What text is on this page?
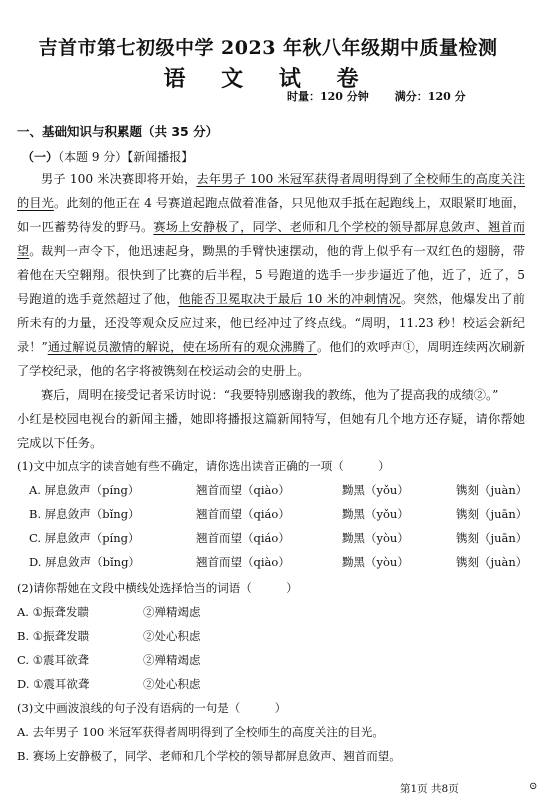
吉首市第七初级中学 2023 年秋八年级期中质量检测
语 文 试 卷
时量：120 分钟 满分：120 分
一、基础知识与积累题（共 35 分）
（一）（本题 9 分）【新闻播报】
男子 100 米决赛即将开始，去年男子 100 米冠军获得者周明得到了全校师生的高度关注的目光。此刻的他正在 4 号赛道起跑点做着准备，只见他双手抵在起跑线上，双眼紧盯地面，如一匹蓄势待发的野马。赛场上安静极了，同学、老师和几个学校的领导都屏息敛声、翘首而望。 裁判一声令下，他迅速起身，黝黑的手臂快速摆动，他的背上似乎有一双红色的翅膀，带着他在天空翱翔。很快到了比赛的后半程，5 号跑道的选手一步步逼近了他，近了，近了，5 号跑道的选手竟然超过了他，他能否卫冕取决于最后 10 米的冲刺情况。突然，他爆发出了前所未有的力量，还没等观众反应过来，他已经冲过了终点线。“周明，11.23 秒！校运会新纪录！”通过解说员激情的解说，使在场所有的观众沸腾了。他们的欢呼声①，周明连续两次刷新了学校纪录，他的名字将被镌刻在校运动会的史册上。
赛后，周明在接受记者采访时说：“我要特别感谢我的教练，他为了提高我的成绩②。”
小红是校园电视台的新闻主播，她即将播报这篇新闻特写，但她有几个地方还存疑，请你帮她完成以下任务。
(1)文中加点字的读音她有些不确定，请你选出读音正确的一项（　　　）
A. 屏息敛声（píng）	翘首而望（qiào）	黝黑（yǒu）	镌刻（juàn）
B. 屏息敛声（bǐng）	翘首而望（qiáo）	黝黑（yǒu）	镌刻（juān）
C. 屏息敛声（píng）	翘首而望（qiáo）	黝黑（yòu）	镌刻（juān）
D. 屏息敛声（bǐng）	翘首而望（qiào）	黝黑（yòu）	镌刻（juàn）
(2)请你帮她在文段中横线处选择恰当的词语（　　　）
A. ①振聋发聩	②殚精竭虑
B. ①振聋发聩	②处心积虑
C. ①震耳欲聋	②殚精竭虑
D. ①震耳欲聋	②处心积虑
(3)文中画波浪线的句子没有语病的一句是（　　　）
A. 去年男子 100 米冠军获得者周明得到了全校师生的高度关注的目光。
B. 赛场上安静极了，同学、老师和几个学校的领导都屏息敛声、翘首而望。
第1页 共8页	⊙
